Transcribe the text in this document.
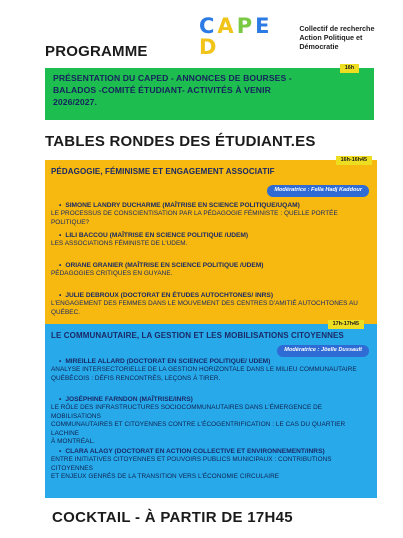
CAPED
Collectif de recherche
Action Politique et Démocratie
PROGRAMME
16h
PRÉSENTATION DU CAPED - ANNONCES DE BOURSES -
BALADOS -COMITÉ ÉTUDIANT- ACTIVITÉS À VENIR
2026/2027.
TABLES RONDES DES ÉTUDIANT.ES
16h-16h45
PÉDAGOGIE, FÉMINISME ET ENGAGEMENT ASSOCIATIF
Modératrice : Fella Hadj Kaddour
• SIMONE LANDRY DUCHARME (MAÎTRISE EN SCIENCE POLITIQUE/UQAM)
LE PROCESSUS DE CONSCIENTISATION PAR LA PÉDAGOGIE FÉMINISTE : QUELLE PORTÉE POLITIQUE?
• LILI BACCOU (MAÎTRISE EN SCIENCE POLITIQUE /UDEM)
LES ASSOCIATIONS FÉMINISTE DE L'UDEM.
• ORIANE GRANIER (MAÎTRISE EN SCIENCE POLITIQUE /UDEM)
PÉDAGOGIES CRITIQUES EN GUYANE.
• JULIE DEBROUX (DOCTORAT EN ÉTUDES AUTOCHTONES/ INRS)
L'ENGAGEMENT DES FEMMES DANS LE MOUVEMENT DES CENTRES D'AMITIÉ AUTOCHTONES AU
QUÉBEC.
17h-17h45
LE COMMUNAUTAIRE, LA GESTION ET LES MOBILISATIONS CITOYENNES
Modératrice : Jöelle Dussault
• MIREILLE ALLARD (DOCTORAT EN SCIENCE POLITIQUE/ UDEM)
ANALYSE INTERSECTORIELLE DE LA GESTION HORIZONTALE DANS LE MILIEU COMMUNAUTAIRE
QUÉBÉCOIS : DÉFIS RENCONTRÉS, LEÇONS À TIRER.
• JOSÉPHINE FARNDON (MAÎTRISE/INRS)
LE RÔLE DES INFRASTRUCTURES SOCIOCOMMUNAUTAIRES DANS L'ÉMERGENCE DE MOBILISATIONS
COMMUNAUTAIRES ET CITOYENNES CONTRE L'ÉCOGENTRIFICATION : LE CAS DU QUARTIER LACHINE
À MONTRÉAL.
• CLARA ALAGY (DOCTORAT EN ACTION COLLECTIVE ET ENVIRONNEMENT/INRS)
ENTRE INITIATIVES CITOYENNES ET POUVOIRS PUBLICS MUNICIPAUX : CONTRIBUTIONS CITOYENNES
ET ENJEUX GENRÉS DE LA TRANSITION VERS L'ÉCONOMIE CIRCULAIRE
COCKTAIL - À PARTIR DE 17H45
